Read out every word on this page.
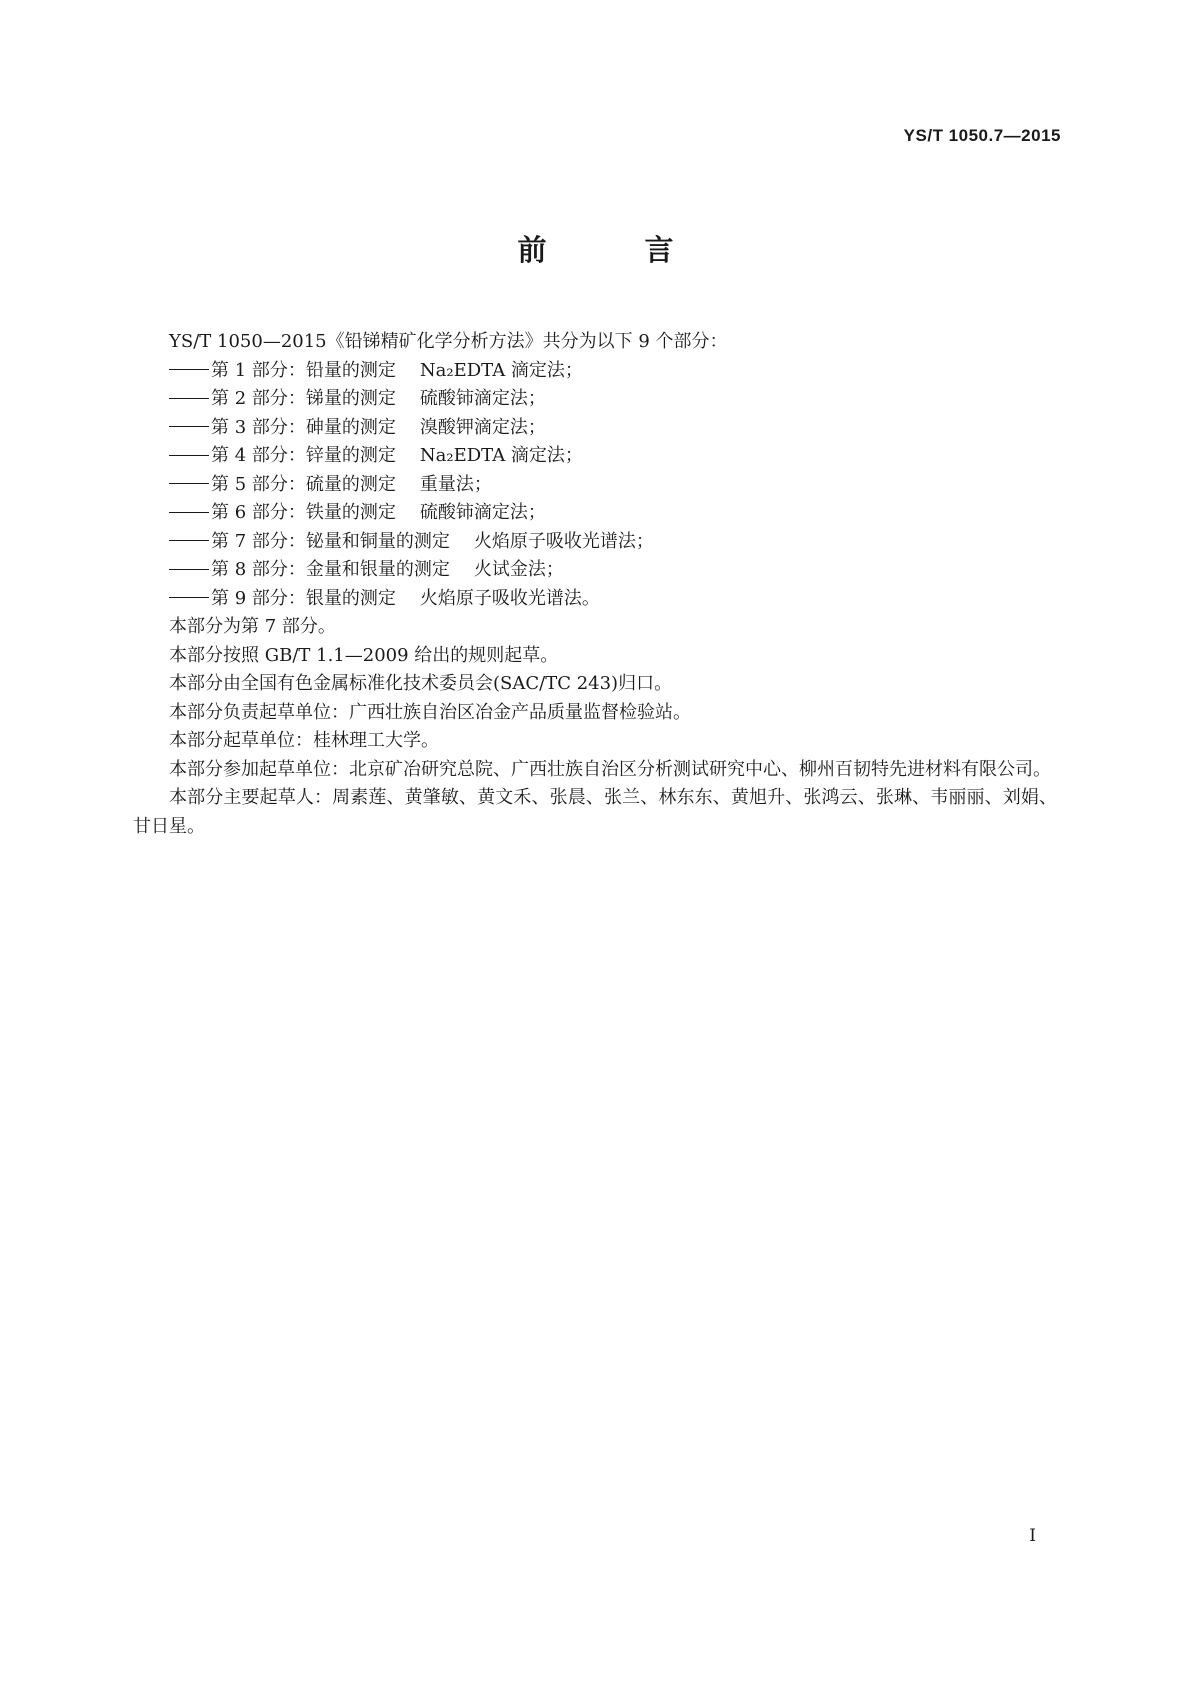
YS/T 1050.7—2015
前 言

YS/T 1050—2015《铅锑精矿化学分析方法》共分为以下 9 个部分：

第 1 部分：铅量的测定 Na₂EDTA 滴定法；

第 2 部分：锑量的测定 硫酸铈滴定法；

第 3 部分：砷量的测定 溴酸钾滴定法；

第 4 部分：锌量的测定 Na₂EDTA 滴定法；

第 5 部分：硫量的测定 重量法；

第 6 部分：铁量的测定 硫酸铈滴定法；

第 7 部分：铋量和铜量的测定 火焰原子吸收光谱法；

第 8 部分：金量和银量的测定 火试金法；

第 9 部分：银量的测定 火焰原子吸收光谱法。

本部分为第 7 部分。

本部分按照 GB/T 1.1—2009 给出的规则起草。

本部分由全国有色金属标准化技术委员会(SAC/TC 243)归口。

本部分负责起草单位：广西壮族自治区冶金产品质量监督检验站。

本部分起草单位：桂林理工大学。

本部分参加起草单位：北京矿冶研究总院、广西壮族自治区分析测试研究中心、柳州百韧特先进材料有限公司。

本部分主要起草人：周素莲、黄肇敏、黄文禾、张晨、张兰、林东东、黄旭升、张鸿云、张琳、韦丽丽、刘娟、甘日星。

I
